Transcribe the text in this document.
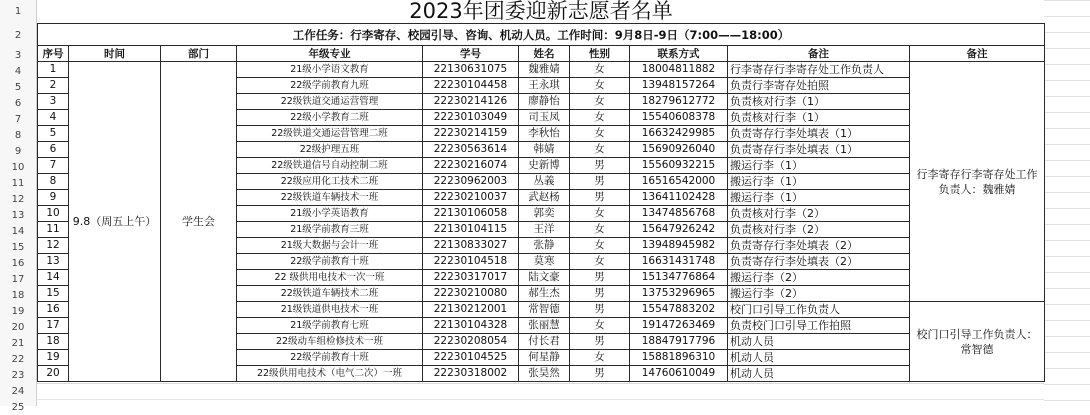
1
2
3
4
5
6
7
8
9
10
11
12
13
14
15
16
17
18
19
20
21
22
23
24
25
2023年团委迎新志愿者名单									
工作任务：行李寄存、校园引导、咨询、机动人员。工作时间：9月8日-9日（7:00——18:00）									
序号	时间	部门	年级专业	学号	姓名	性别	联系方式	备注	备注
1	9.8（周五上午）	学生会	21级小学语文教育	22130631075	魏雅婧	女	18004811882	行李寄存行李寄存处工作负责人	行李寄存行李寄存处工作负责人：魏雅婧
2			22级学前教育九班	22230104458	王永琪	女	13948157264	负责行李寄存处拍照	
3			22级铁道交通运营管理	22230214126	廖静怡	女	18279612772	负责核对行李（1）	
4			22级小学教育二班	22230103049	司玉凤	女	15540608378	负责核对行李（1）	
5			22级铁道交通运营管理二班	22230214159	李秋怡	女	16632429985	负责寄存行李处填表（1）	
6			22级护理五班	22230563614	韩婧	女	15690926040	负责寄存行李处填表（1）	
7			22级铁道信号自动控制二班	22230216074	史新博	男	15560932215	搬运行李（1）	
8			22级应用化工技术二班	22230962003	丛義	男	16516542000	搬运行李（1）	
9			22级铁道车辆技术一班	22230210037	武赵杨	男	13641102428	搬运行李（1）	
10			21级小学英语教育	22130106058	郭奕	女	13474856768	负责核对行李（2）	
11			21级学前教育三班	22130104115	王洋	女	15647926242	负责核对行李（2）	
12			21级大数据与会计一班	22130833027	张静	女	13948945982	负责寄存行李处填表（2）	
13			22级学前教育十班	22230104518	莫寒	女	16631431748	负责寄存行李处填表（2）	
14			22 级供用电技术一次一班	22230317017	陆文豪	男	15134776864	搬运行李（2）	
15			22级铁道车辆技术二班	22230210080	郝生杰	男	13753296965	搬运行李（2）	
16			21级铁道供电技术一班	22130212001	常智德	男	15547883202	校门口引导工作负责人	校门口引导工作负责人：常智德
17			21级学前教育七班	22130104328	张丽慧	女	19147263469	负责校门口引导工作拍照	
18			22级动车组检修技术一班	22230208054	付长君	男	18847917796	机动人员	
19			22级学前教育十班	22230104525	何星静	女	15881896310	机动人员	
20			22级供用电技术（电气二次）一班	22230318002	张昊然	男	14760610049	机动人员	
